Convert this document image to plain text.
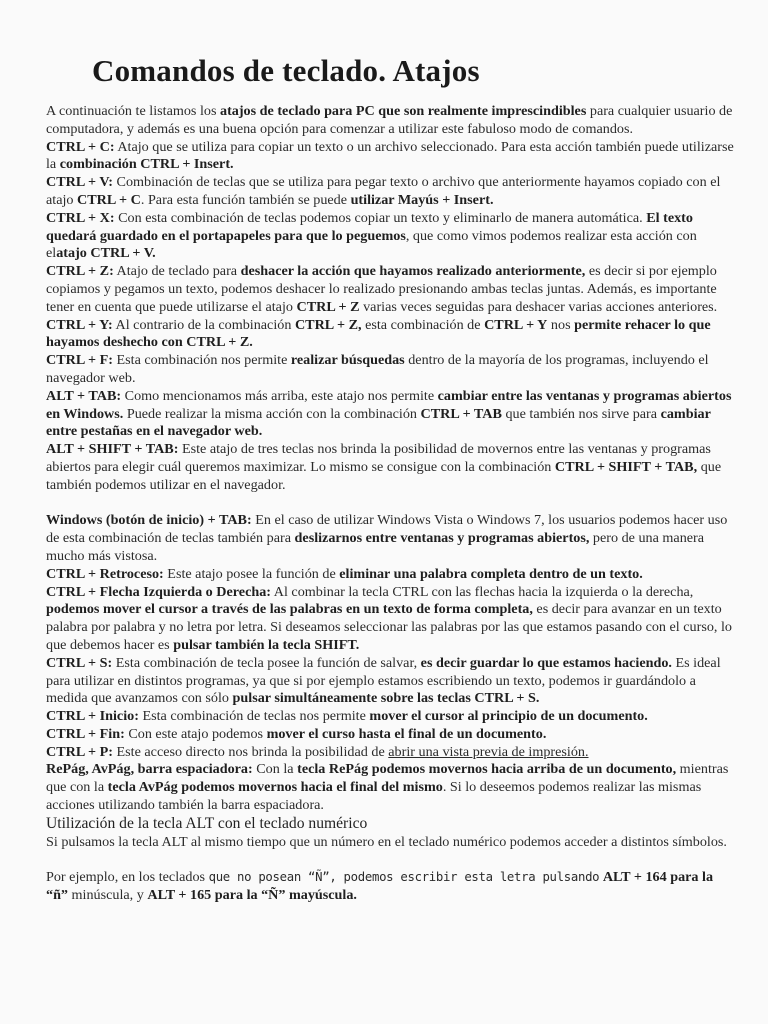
Comandos de teclado. Atajos

A continuación te listamos los atajos de teclado para PC que son realmente imprescindibles para cualquier usuario de computadora, y además es una buena opción para comenzar a utilizar este fabuloso modo de comandos.

CTRL + C: Atajo que se utiliza para copiar un texto o un archivo seleccionado. Para esta acción también puede utilizarse la combinación CTRL + Insert.

CTRL + V: Combinación de teclas que se utiliza para pegar texto o archivo que anteriormente hayamos copiado con el atajo CTRL + C. Para esta función también se puede utilizar Mayús + Insert.

CTRL + X: Con esta combinación de teclas podemos copiar un texto y eliminarlo de manera automática. El texto quedará guardado en el portapapeles para que lo peguemos, que como vimos podemos realizar esta acción con elatajo CTRL + V.

CTRL + Z: Atajo de teclado para deshacer la acción que hayamos realizado anteriormente, es decir si por ejemplo copiamos y pegamos un texto, podemos deshacer lo realizado presionando ambas teclas juntas. Además, es importante tener en cuenta que puede utilizarse el atajo CTRL + Z varias veces seguidas para deshacer varias acciones anteriores.

CTRL + Y: Al contrario de la combinación CTRL + Z, esta combinación de CTRL + Y nos permite rehacer lo que hayamos deshecho con CTRL + Z.

CTRL + F: Esta combinación nos permite realizar búsquedas dentro de la mayoría de los programas, incluyendo el navegador web.

ALT + TAB: Como mencionamos más arriba, este atajo nos permite cambiar entre las ventanas y programas abiertos en Windows. Puede realizar la misma acción con la combinación CTRL + TAB que también nos sirve para cambiar entre pestañas en el navegador web.

ALT + SHIFT + TAB: Este atajo de tres teclas nos brinda la posibilidad de movernos entre las ventanas y programas abiertos para elegir cuál queremos maximizar. Lo mismo se consigue con la combinación CTRL + SHIFT + TAB, que también podemos utilizar en el navegador.

Windows (botón de inicio) + TAB: En el caso de utilizar Windows Vista o Windows 7, los usuarios podemos hacer uso de esta combinación de teclas también para deslizarnos entre ventanas y programas abiertos, pero de una manera mucho más vistosa.

CTRL + Retroceso: Este atajo posee la función de eliminar una palabra completa dentro de un texto.

CTRL + Flecha Izquierda o Derecha: Al combinar la tecla CTRL con las flechas hacia la izquierda o la derecha, podemos mover el cursor a través de las palabras en un texto de forma completa, es decir para avanzar en un texto palabra por palabra y no letra por letra. Si deseamos seleccionar las palabras por las que estamos pasando con el curso, lo que debemos hacer es pulsar también la tecla SHIFT.

CTRL + S: Esta combinación de tecla posee la función de salvar, es decir guardar lo que estamos haciendo. Es ideal para utilizar en distintos programas, ya que si por ejemplo estamos escribiendo un texto, podemos ir guardándolo a medida que avanzamos con sólo pulsar simultáneamente sobre las teclas CTRL + S.

CTRL + Inicio: Esta combinación de teclas nos permite mover el cursor al principio de un documento.

CTRL + Fin: Con este atajo podemos mover el curso hasta el final de un documento.

CTRL + P: Este acceso directo nos brinda la posibilidad de abrir una vista previa de impresión.

RePág, AvPág, barra espaciadora: Con la tecla RePág podemos movernos hacia arriba de un documento, mientras que con la tecla AvPág podemos movernos hacia el final del mismo. Si lo deseemos podemos realizar las mismas acciones utilizando también la barra espaciadora.

Utilización de la tecla ALT con el teclado numérico

Si pulsamos la tecla ALT al mismo tiempo que un número en el teclado numérico podemos acceder a distintos símbolos.

Por ejemplo, en los teclados que no posean “Ñ”, podemos escribir esta letra pulsando ALT + 164 para la “ñ” minúscula, y ALT + 165 para la “Ñ” mayúscula.
